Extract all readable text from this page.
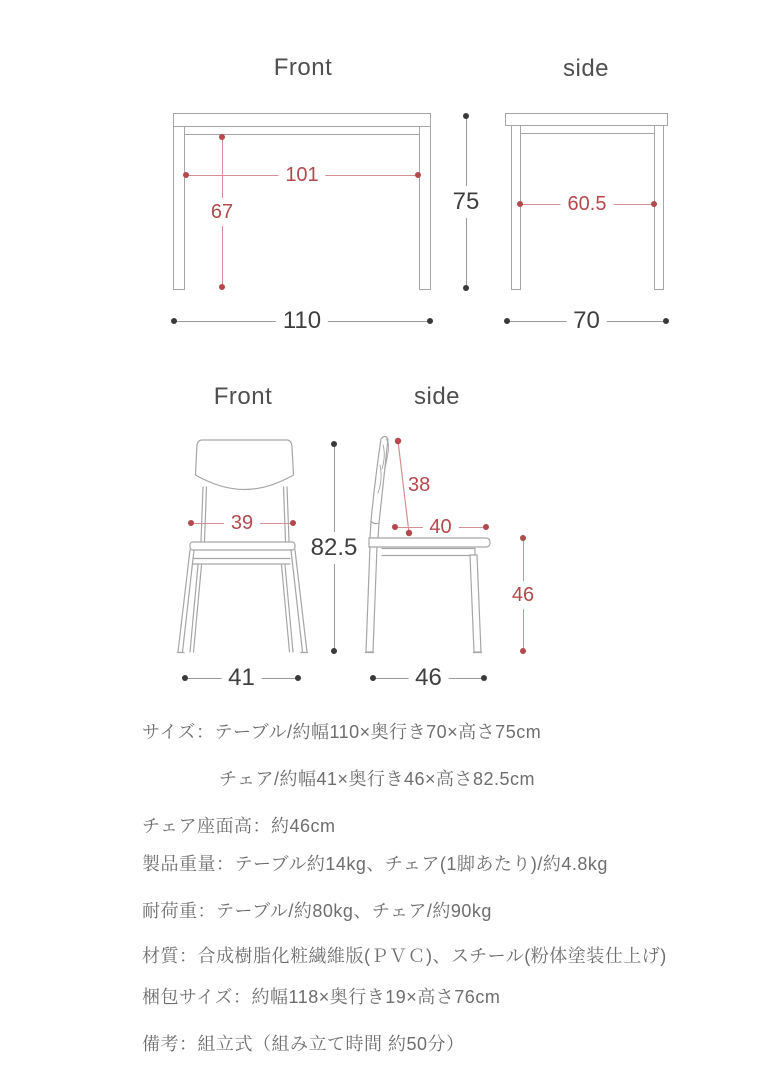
Front	side
101
67	75
110
60.5
70
Front	side
39
82.5
41
38
40
46
46
サイズ：テーブル/約幅110×奥行き70×高さ75cm
チェア/約幅41×奥行き46×高さ82.5cm
チェア座面高：約46cm
製品重量：テーブル約14kg、チェア(1脚あたり)/約4.8kg
耐荷重：テーブル/約80kg、チェア/約90kg
材質：合成樹脂化粧繊維版(ＰＶＣ)、スチール(粉体塗装仕上げ)
梱包サイズ：約幅118×奥行き19×高さ76cm
備考：組立式（組み立て時間 約50分）
